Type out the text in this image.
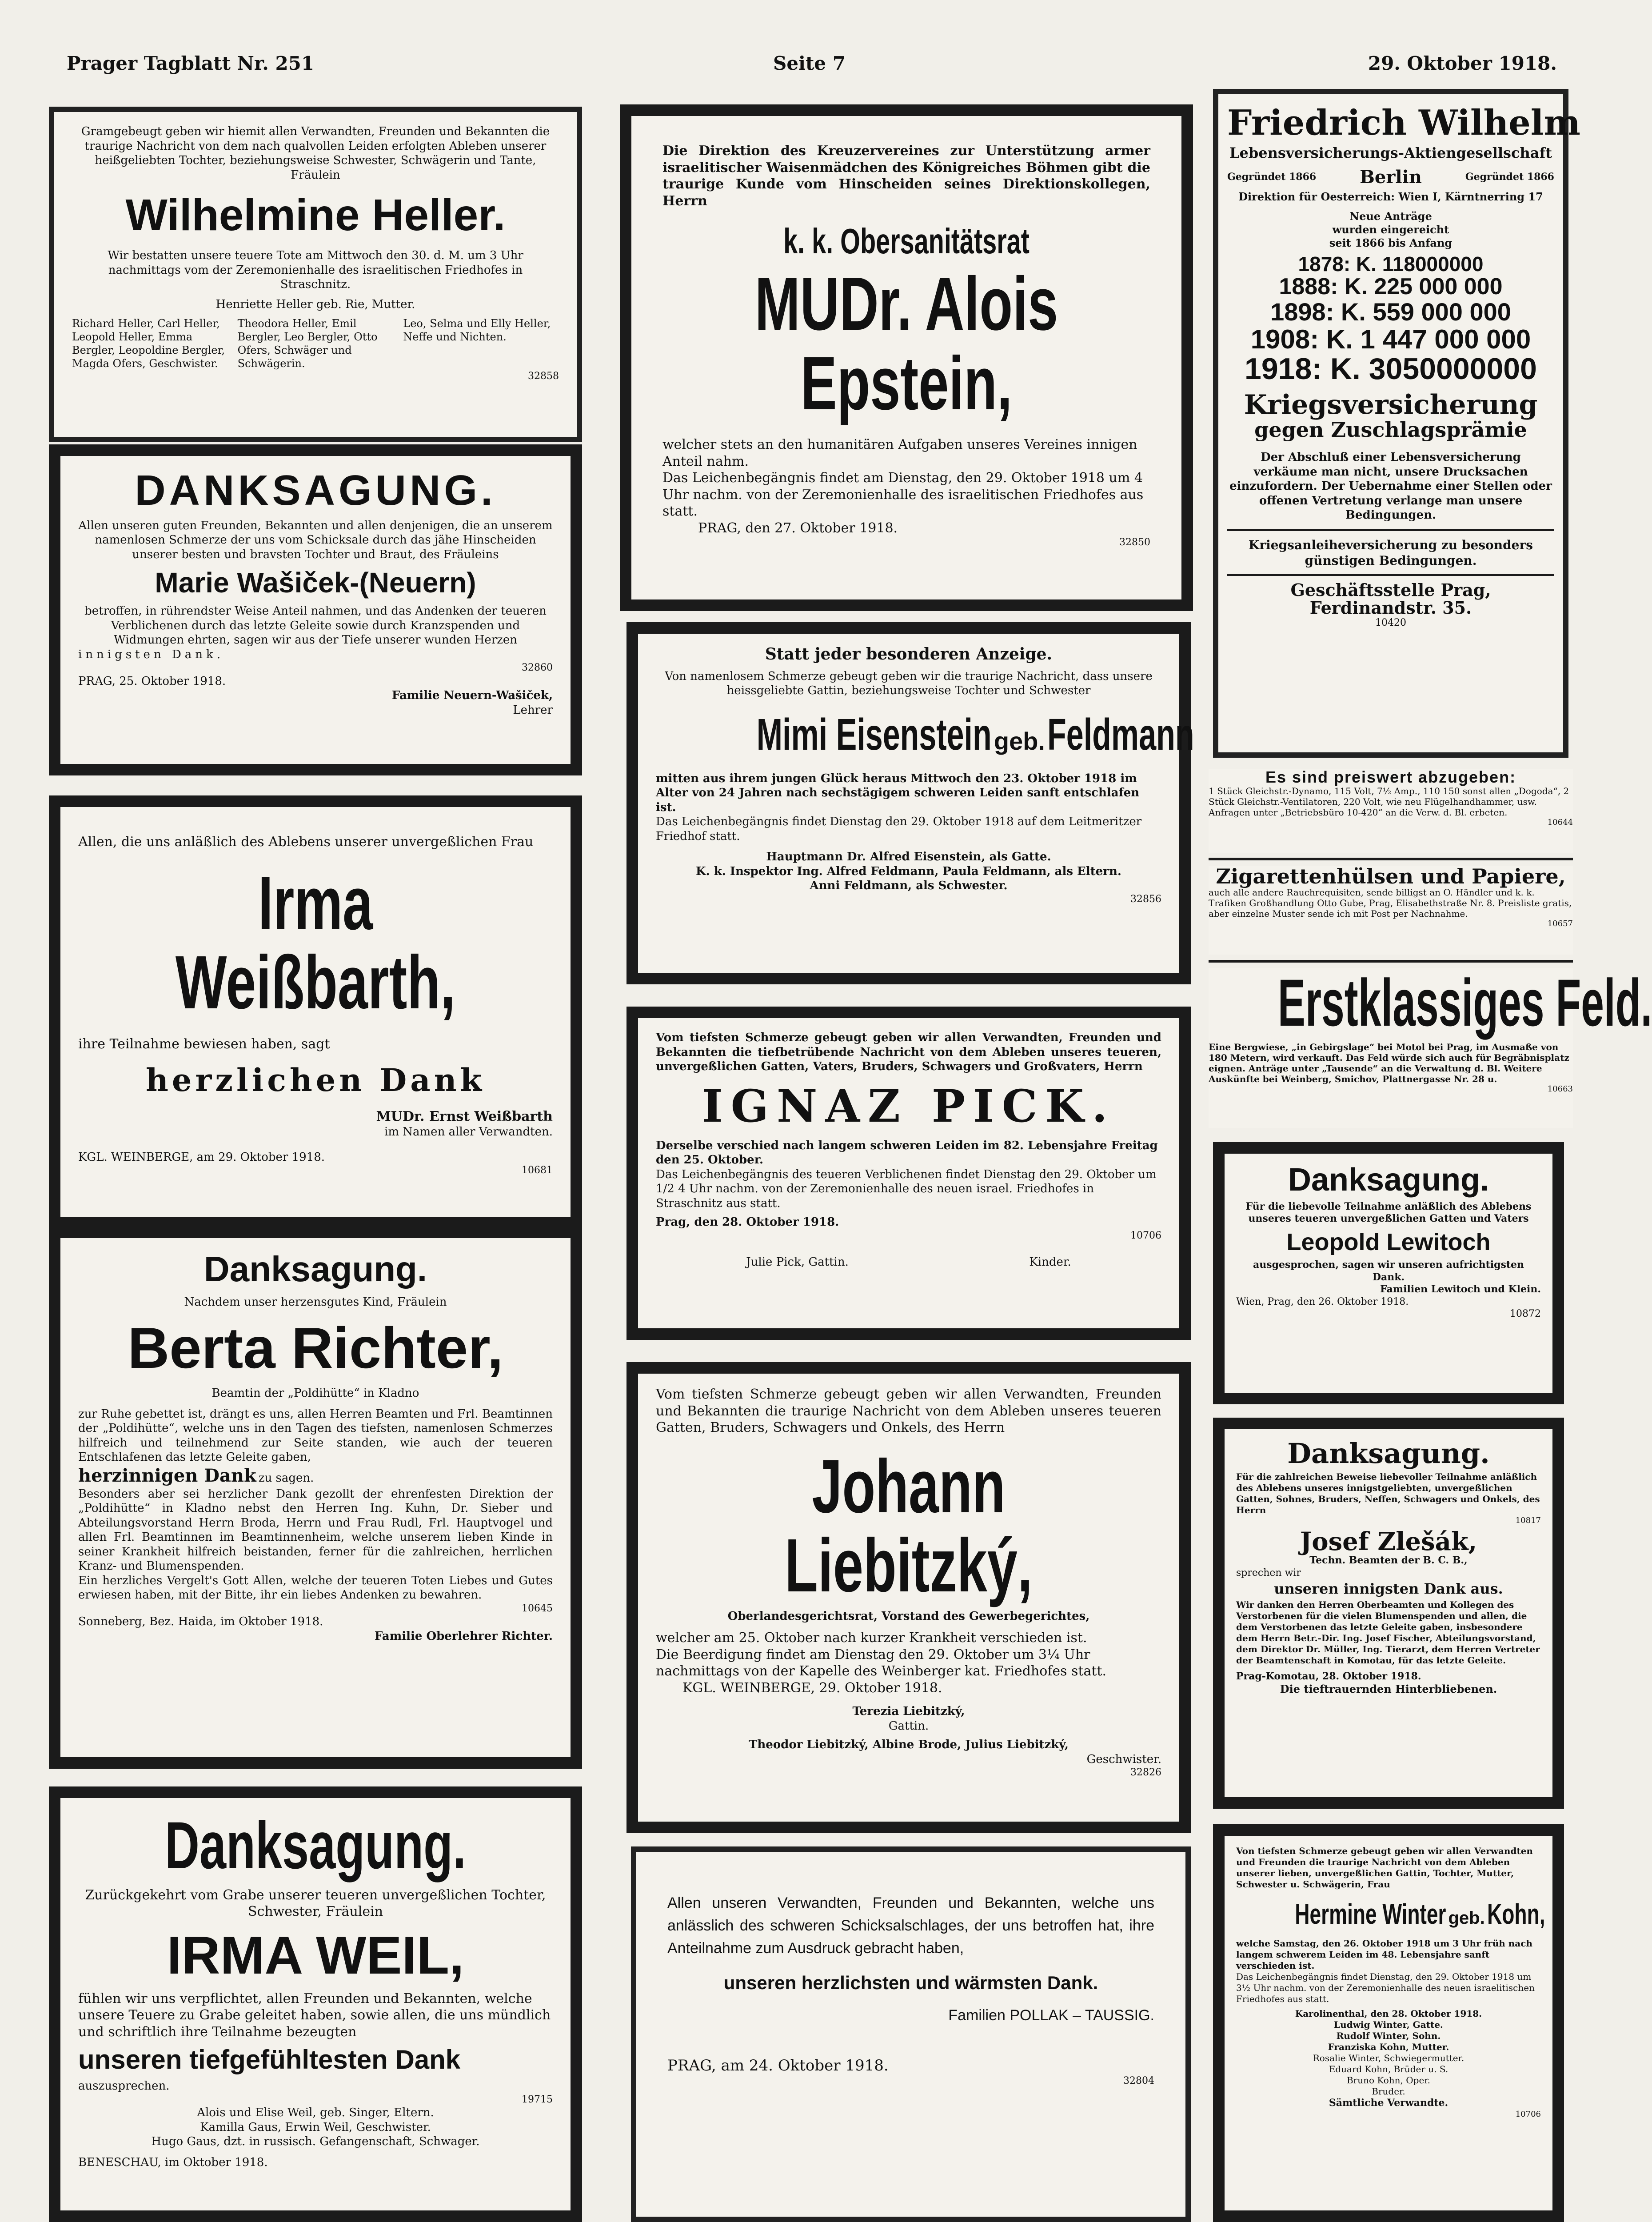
Prager Tagblatt Nr. 251	Seite 7	29. Oktober 1918.
Gramgebeugt geben wir hiemit allen Verwandten, Freunden und Bekannten die traurige Nachricht von dem nach qualvollen Leiden erfolgten Ableben unserer heißgeliebten Tochter, beziehungsweise Schwester, Schwägerin und Tante, Fräulein
Wilhelmine Heller.
Wir bestatten unsere teuere Tote am Mittwoch den 30. d. M. um 3 Uhr nachmittags vom der Zeremonienhalle des israelitischen Friedhofes in Straschnitz.
Henriette Heller geb. Rie, Mutter.
Richard Heller, Carl Heller, Leopold Heller, Emma Bergler, Leopoldine Bergler, Magda Ofers, Geschwister.
Theodora Heller, Emil Bergler, Leo Bergler, Otto Ofers, Schwäger und Schwägerin.
Leo, Selma und Elly Heller, Neffe und Nichten.
32858
DANKSAGUNG.
Allen unseren guten Freunden, Bekannten und allen denjenigen, die an unserem namenlosen Schmerze der uns vom Schicksale durch das jähe Hinscheiden unserer besten und bravsten Tochter und Braut, des Fräuleins
Marie Wašiček-(Neuern)
betroffen, in rührendster Weise Anteil nahmen, und das Andenken der teueren Verblichenen durch das letzte Geleite sowie durch Kranzspenden und Widmungen ehrten, sagen wir aus der Tiefe unserer wunden Herzen
innigsten Dank.
32860
PRAG, 25. Oktober 1918.
Familie Neuern-Wašiček,
Lehrer
Allen, die uns anläßlich des Ablebens unserer unvergeßlichen Frau
Irma Weißbarth,
ihre Teilnahme bewiesen haben, sagt
herzlichen Dank
MUDr. Ernst Weißbarth
im Namen aller Verwandten.
KGL. WEINBERGE, am 29. Oktober 1918.
10681
Danksagung.
Nachdem unser herzensgutes Kind, Fräulein
Berta Richter,
Beamtin der „Poldihütte“ in Kladno
zur Ruhe gebettet ist, drängt es uns, allen Herren Beamten und Frl. Beamtinnen der „Poldihütte“, welche uns in den Tagen des tiefsten, namenlosen Schmerzes hilfreich und teilnehmend zur Seite standen, wie auch der teueren Entschlafenen das letzte Geleite gaben,
herzinnigen Dank zu sagen.
Besonders aber sei herzlicher Dank gezollt der ehrenfesten Direktion der „Poldihütte“ in Kladno nebst den Herren Ing. Kuhn, Dr. Sieber und Abteilungsvorstand Herrn Broda, Herrn und Frau Rudl, Frl. Hauptvogel und allen Frl. Beamtinnen im Beamtinnenheim, welche unserem lieben Kinde in seiner Krankheit hilfreich beistanden, ferner für die zahlreichen, herrlichen Kranz- und Blumenspenden.
Ein herzliches Vergelt's Gott Allen, welche der teueren Toten Liebes und Gutes erwiesen haben, mit der Bitte, ihr ein liebes Andenken zu bewahren.
10645
Sonneberg, Bez. Haida, im Oktober 1918.
Familie Oberlehrer Richter.
Danksagung.
Zurückgekehrt vom Grabe unserer teueren unvergeßlichen Tochter, Schwester, Fräulein
IRMA WEIL,
fühlen wir uns verpflichtet, allen Freunden und Bekannten, welche unsere Teuere zu Grabe geleitet haben, sowie allen, die uns mündlich und schriftlich ihre Teilnahme bezeugten
unseren tiefgefühltesten Dank
auszusprechen.
19715
Alois und Elise Weil, geb. Singer, Eltern.
Kamilla Gaus, Erwin Weil, Geschwister.
Hugo Gaus, dzt. in russisch. Gefangenschaft, Schwager.
BENESCHAU, im Oktober 1918.
Die Direktion des Kreuzervereines zur Unterstützung armer israelitischer Waisenmädchen des Königreiches Böhmen gibt die traurige Kunde vom Hinscheiden seines Direktionskollegen, Herrn
k. k. Obersanitätsrat
MUDr. Alois Epstein,
welcher stets an den humanitären Aufgaben unseres Vereines innigen Anteil nahm.
Das Leichenbegängnis findet am Dienstag, den 29. Oktober 1918 um 4 Uhr nachm. von der Zeremonienhalle des israelitischen Friedhofes aus statt.
PRAG, den 27. Oktober 1918.
32850
Statt jeder besonderen Anzeige.
Von namenlosem Schmerze gebeugt geben wir die traurige Nachricht, dass unsere heissgeliebte Gattin, beziehungsweise Tochter und Schwester
Mimi Eisenstein geb. Feldmann
mitten aus ihrem jungen Glück heraus Mittwoch den 23. Oktober 1918 im Alter von 24 Jahren nach sechstägigem schweren Leiden sanft entschlafen ist.
Das Leichenbegängnis findet Dienstag den 29. Oktober 1918 auf dem Leitmeritzer Friedhof statt.
Hauptmann Dr. Alfred Eisenstein, als Gatte.
K. k. Inspektor Ing. Alfred Feldmann, Paula Feldmann, als Eltern.
Anni Feldmann, als Schwester.
32856
Vom tiefsten Schmerze gebeugt geben wir allen Verwandten, Freunden und Bekannten die tiefbetrübende Nachricht von dem Ableben unseres teueren, unvergeßlichen Gatten, Vaters, Bruders, Schwagers und Großvaters, Herrn
IGNAZ PICK.
Derselbe verschied nach langem schweren Leiden im 82. Lebensjahre Freitag den 25. Oktober.
Das Leichenbegängnis des teueren Verblichenen findet Dienstag den 29. Oktober um 1/2 4 Uhr nachm. von der Zeremonienhalle des neuen israel. Friedhofes in Straschnitz aus statt.
Prag, den 28. Oktober 1918.
10706
Julie Pick, Gattin.	Kinder.
Vom tiefsten Schmerze gebeugt geben wir allen Verwandten, Freunden und Bekannten die traurige Nachricht von dem Ableben unseres teueren Gatten, Bruders, Schwagers und Onkels, des Herrn
Johann Liebitzký,
Oberlandesgerichtsrat, Vorstand des Gewerbegerichtes,
welcher am 25. Oktober nach kurzer Krankheit verschieden ist.
Die Beerdigung findet am Dienstag den 29. Oktober um 3¼ Uhr nachmittags von der Kapelle des Weinberger kat. Friedhofes statt.
KGL. WEINBERGE, 29. Oktober 1918.
Terezia Liebitzký,
Gattin.
Theodor Liebitzký, Albine Brode, Julius Liebitzký,
Geschwister.
32826
Allen unseren Verwandten, Freunden und Bekannten, welche uns anlässlich des schweren Schicksalschlages, der uns betroffen hat, ihre Anteilnahme zum Ausdruck gebracht haben,
unseren herzlichsten und wärmsten Dank.
Familien POLLAK – TAUSSIG.
PRAG, am 24. Oktober 1918.
32804
Friedrich Wilhelm
Lebensversicherungs-Aktiengesellschaft
Gegründet 1866 Berlin	Gegründet 1866
Direktion für Oesterreich: Wien I, Kärntnerring 17
Neue Anträge
wurden eingereicht
seit 1866 bis Anfang
1878: K. 118000000
1888: K. 225 000 000
1898: K. 559 000 000
1908: K. 1 447 000 000
1918: K. 3050000000
Kriegsversicherung
gegen Zuschlagsprämie
Der Abschluß einer Lebensversicherung verkäume man nicht, unsere Drucksachen einzufordern. Der Uebernahme einer Stellen oder offenen Vertretung verlange man unsere Bedingungen.
Kriegsanleiheversicherung zu besonders günstigen Bedingungen.
Geschäftsstelle Prag, Ferdinandstr. 35.
10420
Es sind preiswert abzugeben:
1 Stück Gleichstr.-Dynamo, 115 Volt, 7½ Amp., 110 150 sonst allen „Dogoda“, 2 Stück Gleichstr.-Ventilatoren, 220 Volt, wie neu Flügelhandhammer, usw. Anfragen unter „Betriebsbüro 10-420“ an die Verw. d. Bl. erbeten.
10644
Zigarettenhülsen und Papiere,
auch alle andere Rauchrequisiten, sende billigst an O. Händler und k. k. Trafiken Großhandlung Otto Gube, Prag, Elisabethstraße Nr. 8. Preisliste gratis, aber einzelne Muster sende ich mit Post per Nachnahme.
10657
Erstklassiges Feld.
Eine Bergwiese, „in Gebirgslage“ bei Motol bei Prag, im Ausmaße von 180 Metern, wird verkauft. Das Feld würde sich auch für Begräbnisplatz eignen. Anträge unter „Tausende“ an die Verwaltung d. Bl. Weitere Auskünfte bei Weinberg, Smichov, Plattnergasse Nr. 28 u.
10663
Danksagung.
Für die liebevolle Teilnahme anläßlich des Ablebens unseres teueren unvergeßlichen Gatten und Vaters
Leopold Lewitoch
ausgesprochen, sagen wir unseren aufrichtigsten Dank.
Familien Lewitoch und Klein.
Wien, Prag, den 26. Oktober 1918.
10872
Danksagung.
Für die zahlreichen Beweise liebevoller Teilnahme anläßlich des Ablebens unseres innigstgeliebten, unvergeßlichen Gatten, Sohnes, Bruders, Neffen, Schwagers und Onkels, des Herrn
10817
Josef Zlešák,
Techn. Beamten der B. C. B.,
sprechen wir
unseren innigsten Dank aus.
Wir danken den Herren Oberbeamten und Kollegen des Verstorbenen für die vielen Blumenspenden und allen, die dem Verstorbenen das letzte Geleite gaben, insbesondere dem Herrn Betr.-Dir. Ing. Josef Fischer, Abteilungsvorstand, dem Direktor Dr. Müller, Ing. Tierarzt, dem Herren Vertreter der Beamtenschaft in Komotau, für das letzte Geleite.
Prag-Komotau, 28. Oktober 1918.
Die tieftrauernden Hinterbliebenen.
Von tiefsten Schmerze gebeugt geben wir allen Verwandten und Freunden die traurige Nachricht von dem Ableben unserer lieben, unvergeßlichen Gattin, Tochter, Mutter, Schwester u. Schwägerin, Frau
Hermine Winter geb. Kohn,
welche Samstag, den 26. Oktober 1918 um 3 Uhr früh nach langem schwerem Leiden im 48. Lebensjahre sanft verschieden ist.
Das Leichenbegängnis findet Dienstag, den 29. Oktober 1918 um 3½ Uhr nachm. von der Zeremonienhalle des neuen israelitischen Friedhofes aus statt.
Karolinenthal, den 28. Oktober 1918.
Ludwig Winter, Gatte.
Rudolf Winter, Sohn.
Franziska Kohn, Mutter.
Rosalie Winter, Schwiegermutter.
Eduard Kohn, Brüder u. S.
Bruno Kohn, Oper.
Bruder.
Sämtliche Verwandte.
10706
